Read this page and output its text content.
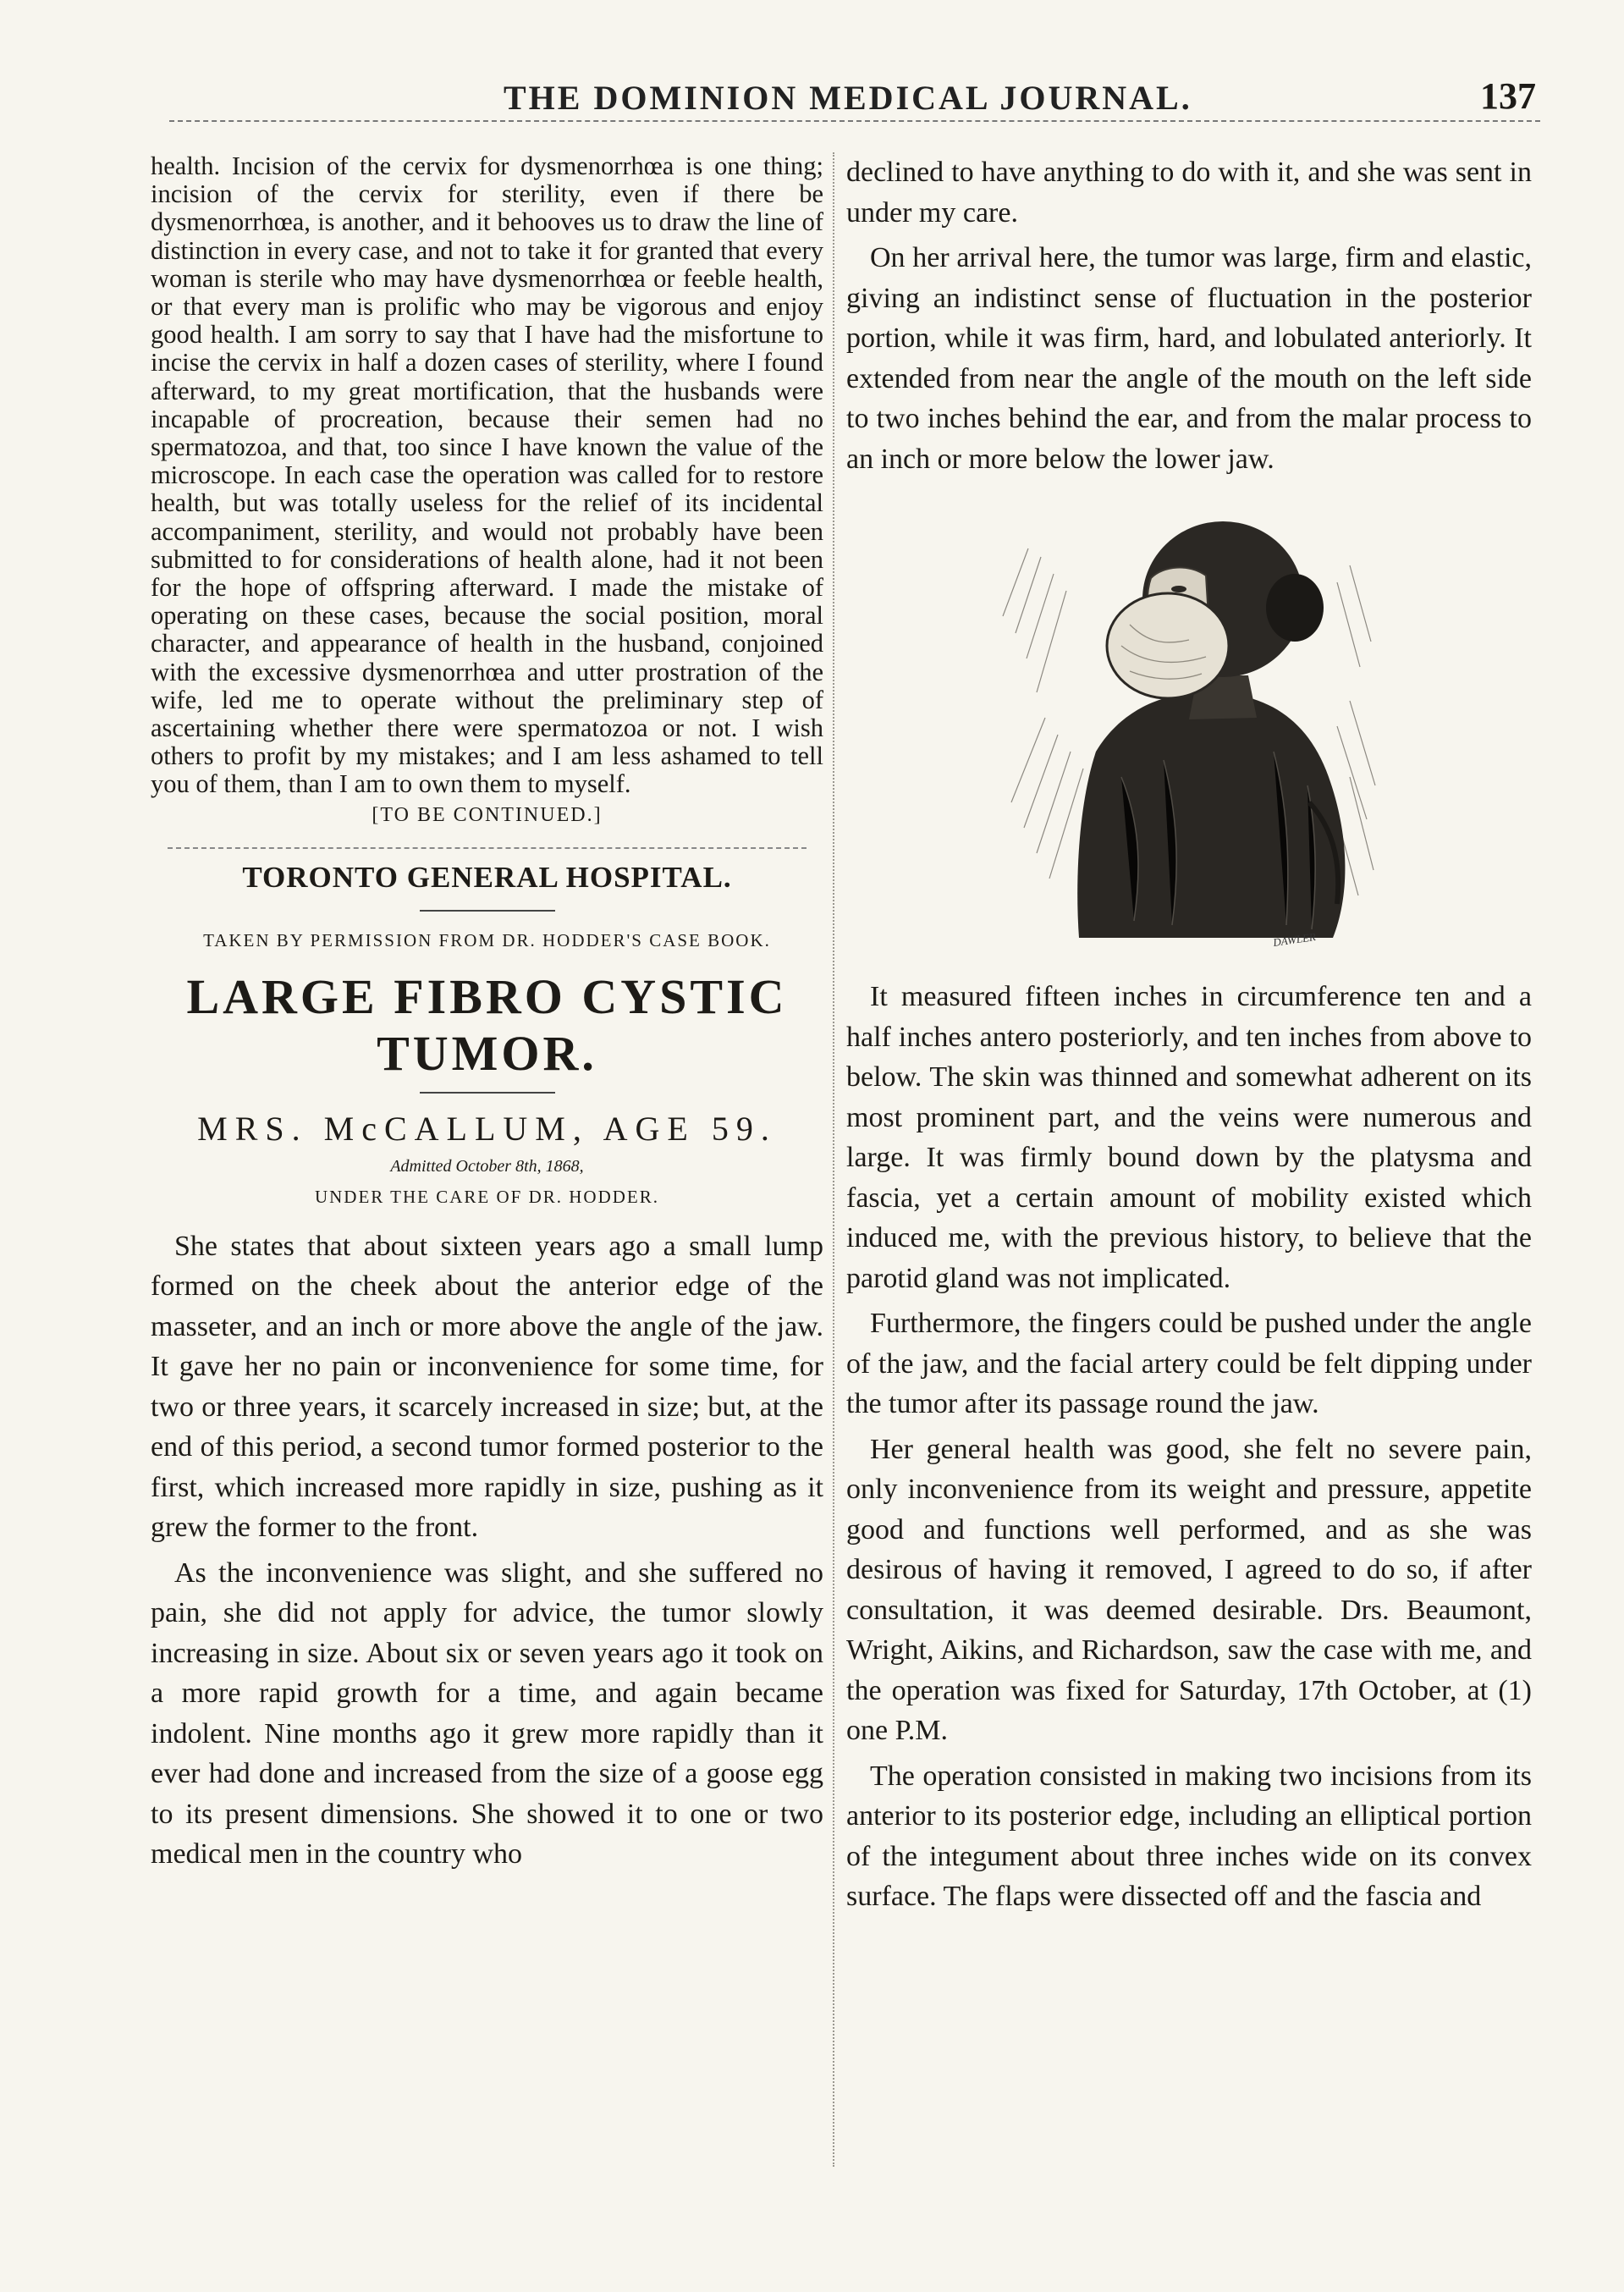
THE DOMINION MEDICAL JOURNAL.	137

health. Incision of the cervix for dysmenorrhœa is one thing; incision of the cervix for sterility, even if there be dysmenorrhœa, is another, and it behooves us to draw the line of distinction in every case, and not to take it for granted that every woman is sterile who may have dysmenorrhœa or feeble health, or that every man is prolific who may be vigorous and enjoy good health. I am sorry to say that I have had the misfortune to incise the cervix in half a dozen cases of sterility, where I found afterward, to my great mortification, that the husbands were incapable of procreation, because their semen had no spermatozoa, and that, too since I have known the value of the microscope. In each case the operation was called for to restore health, but was totally useless for the relief of its incidental accompaniment, sterility, and would not probably have been submitted to for considerations of health alone, had it not been for the hope of offspring afterward. I made the mistake of operating on these cases, because the social position, moral character, and appearance of health in the husband, conjoined with the excessive dysmenorrhœa and utter prostration of the wife, led me to operate without the preliminary step of ascertaining whether there were spermatozoa or not. I wish others to profit by my mistakes; and I am less ashamed to tell you of them, than I am to own them to myself.

[TO BE CONTINUED.]
TORONTO GENERAL HOSPITAL.
TAKEN BY PERMISSION FROM DR. HODDER'S CASE BOOK.
LARGE FIBRO CYSTIC TUMOR.
MRS. McCALLUM, AGE 59.
Admitted October 8th, 1868,
UNDER THE CARE OF DR. HODDER.

She states that about sixteen years ago a small lump formed on the cheek about the anterior edge of the masseter, and an inch or more above the angle of the jaw. It gave her no pain or inconvenience for some time, for two or three years, it scarcely increased in size; but, at the end of this period, a second tumor formed posterior to the first, which increased more rapidly in size, pushing as it grew the former to the front.

As the inconvenience was slight, and she suffered no pain, she did not apply for advice, the tumor slowly increasing in size. About six or seven years ago it took on a more rapid growth for a time, and again became indolent. Nine months ago it grew more rapidly than it ever had done and increased from the size of a goose egg to its present dimensions. She showed it to one or two medical men in the country who

declined to have anything to do with it, and she was sent in under my care.

On her arrival here, the tumor was large, firm and elastic, giving an indistinct sense of fluctuation in the posterior portion, while it was firm, hard, and lobulated anteriorly. It extended from near the angle of the mouth on the left side to two inches behind the ear, and from the malar process to an inch or more below the lower jaw.

DAWLER

It measured fifteen inches in circumference ten and a half inches antero posteriorly, and ten inches from above to below. The skin was thinned and somewhat adherent on its most prominent part, and the veins were numerous and large. It was firmly bound down by the platysma and fascia, yet a certain amount of mobility existed which induced me, with the previous history, to believe that the parotid gland was not implicated.

Furthermore, the fingers could be pushed under the angle of the jaw, and the facial artery could be felt dipping under the tumor after its passage round the jaw.

Her general health was good, she felt no severe pain, only inconvenience from its weight and pressure, appetite good and functions well performed, and as she was desirous of having it removed, I agreed to do so, if after consultation, it was deemed desirable. Drs. Beaumont, Wright, Aikins, and Richardson, saw the case with me, and the operation was fixed for Saturday, 17th October, at (1) one P.M.

The operation consisted in making two incisions from its anterior to its posterior edge, including an elliptical portion of the integument about three inches wide on its convex surface. The flaps were dissected off and the fascia and
